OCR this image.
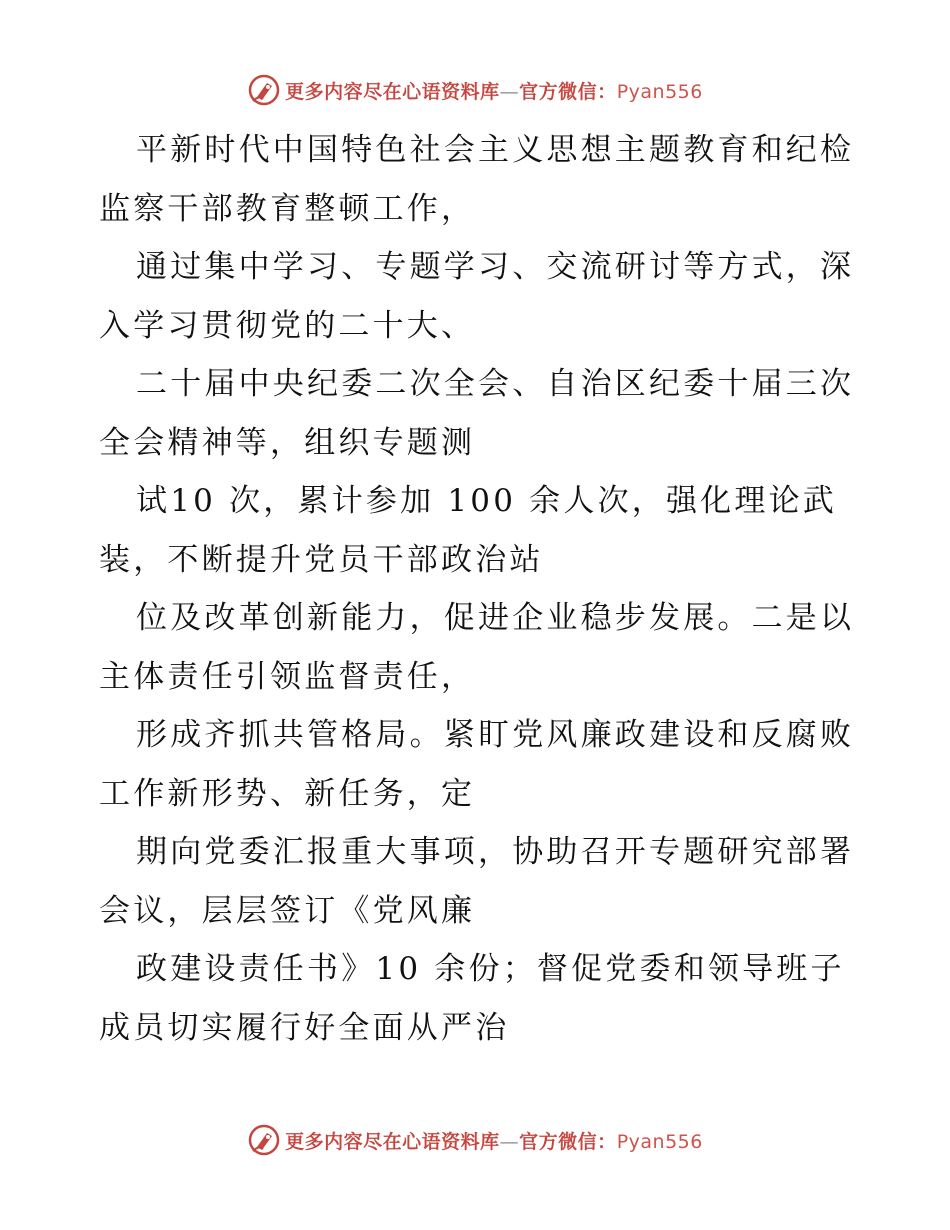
更多内容尽在心语资料库—官方微信：Pyan556

平新时代中国特色社会主义思想主题教育和纪检监察干部教育整顿工作，

通过集中学习、专题学习、交流研讨等方式，深入学习贯彻党的二十大、

二十届中央纪委二次全会、自治区纪委十届三次全会精神等，组织专题测

试10 次，累计参加 100 余人次，强化理论武装，不断提升党员干部政治站

位及改革创新能力，促进企业稳步发展。二是以主体责任引领监督责任，

形成齐抓共管格局。紧盯党风廉政建设和反腐败工作新形势、新任务，定

期向党委汇报重大事项，协助召开专题研究部署会议，层层签订《党风廉

政建设责任书》10 余份；督促党委和领导班子成员切实履行好全面从严治

更多内容尽在心语资料库—官方微信：Pyan556
